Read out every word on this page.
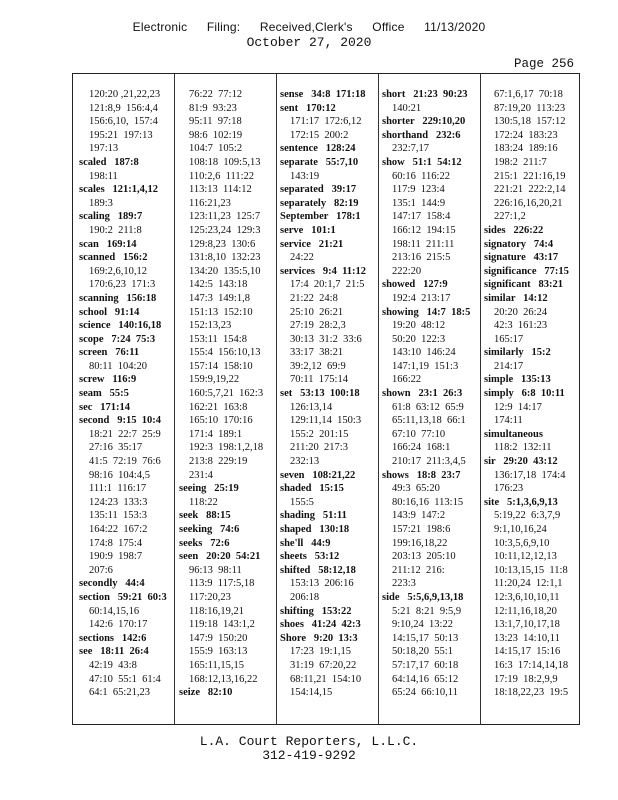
Electronic Filing: Received,Clerk's Office 11/13/2020
October 27, 2020
Page 256
120:20 ,21,22,23
121:8,9  156:4,4
156:6,10,  157:4
195:21  197:13
197:13
scaled   187:8
198:11
scales   121:1,4,12
189:3
scaling   189:7
190:2  211:8
scan   169:14
scanned   156:2
169:2,6,10,12
170:6,23  171:3
scanning   156:18
school   91:14
science   140:16,18
scope   7:24  75:3
screen   76:11
80:11  104:20
screw   116:9
seam   55:5
sec   171:14
second   9:15  10:4
18:21  22:7  25:9
27:16  35:17
41:5  72:19  76:6
98:16  104:4,5
111:1  116:17
124:23  133:3
135:11  153:3
164:22  167:2
174:8  175:4
190:9  198:7
207:6
secondly   44:4
section   59:21  60:3
60:14,15,16
142:6  170:17
sections   142:6
see   18:11  26:4
42:19  43:8
47:10  55:1  61:4
64:1  65:21,23
76:22  77:12
81:9  93:23
95:11  97:18
98:6  102:19
104:7  105:2
108:18  109:5,13
110:2,6  111:22
113:13  114:12
116:21,23
123:11,23  125:7
125:23,24  129:3
129:8,23  130:6
131:8,10  132:23
134:20  135:5,10
142:5  143:18
147:3  149:1,8
151:13  152:10
152:13,23
153:11  154:8
155:4  156:10,13
157:14  158:10
159:9,19,22
160:5,7,21  162:3
162:21  163:8
165:10  170:16
171:4  189:1
192:3  198:1,2,18
213:8  229:19
231:4
seeing   25:19
118:22
seek   88:15
seeking   74:6
seeks   72:6
seen   20:20  54:21
96:13  98:11
113:9  117:5,18
117:20,23
118:16,19,21
119:18  143:1,2
147:9  150:20
155:9  163:13
165:11,15,15
168:12,13,16,22
seize   82:10
sense   34:8  171:18
sent   170:12
171:17  172:6,12
172:15  200:2
sentence   128:24
separate   55:7,10
143:19
separated   39:17
separately   82:19
September   178:1
serve   101:1
service   21:21
24:22
services   9:4  11:12
17:4  20:1,7  21:5
21:22  24:8
25:10  26:21
27:19  28:2,3
30:13  31:2  33:6
33:17  38:21
39:2,12  69:9
70:11  175:14
set   53:13  100:18
126:13,14
129:11,14  150:3
155:2  201:15
211:20  217:3
232:13
seven   108:21,22
shaded   15:15
155:5
shading   51:11
shaped   130:18
she'll   44:9
sheets   53:12
shifted   58:12,18
153:13  206:16
206:18
shifting   153:22
shoes   41:24  42:3
Shore   9:20  13:3
17:23  19:1,15
31:19  67:20,22
68:11,21  154:10
154:14,15
short   21:23  90:23
140:21
shorter   229:10,20
shorthand   232:6
232:7,17
show   51:1  54:12
60:16  116:22
117:9  123:4
135:1  144:9
147:17  158:4
166:12  194:15
198:11  211:11
213:16  215:5
222:20
showed   127:9
192:4  213:17
showing   14:7  18:5
19:20  48:12
50:20  122:3
143:10  146:24
147:1,19  151:3
166:22
shown   23:1  26:3
61:8  63:12  65:9
65:11,13,18  66:1
67:10  77:10
166:24  168:1
210:17  211:3,4,5
shows   18:8  23:7
49:3  65:20
80:16,16  113:15
143:9  147:2
157:21  198:6
199:16,18,22
203:13  205:10
211:12  216:
223:3
side   5:5,6,9,13,18
5:21  8:21  9:5,9
9:10,24  13:22
14:15,17  50:13
50:18,20  55:1
57:17,17  60:18
64:14,16  65:12
65:24  66:10,11
67:1,6,17  70:18
87:19,20  113:23
130:5,18  157:12
172:24  183:23
183:24  189:16
198:2  211:7
215:1  221:16,19
221:21  222:2,14
226:16,16,20,21
227:1,2
sides   226:22
signatory   74:4
signature   43:17
significance   77:15
significant   83:21
similar   14:12
20:20  26:24
42:3  161:23
165:17
similarly   15:2
214:17
simple   135:13
simply   6:8  10:11
12:9  14:17
174:11
simultaneous
118:2  132:11
sir   29:20  43:12
136:17,18  174:4
176:23
site   5:1,3,6,9,13
5:19,22  6:3,7,9
9:1,10,16,24
10:3,5,6,9,10
10:11,12,12,13
10:13,15,15  11:8
11:20,24  12:1,1
12:3,6,10,10,11
12:11,16,18,20
13:1,7,10,17,18
13:23  14:10,11
14:15,17  15:16
16:3  17:14,14,18
17:19  18:2,9,9
18:18,22,23  19:5
L.A. Court Reporters, L.L.C.
312-419-9292
